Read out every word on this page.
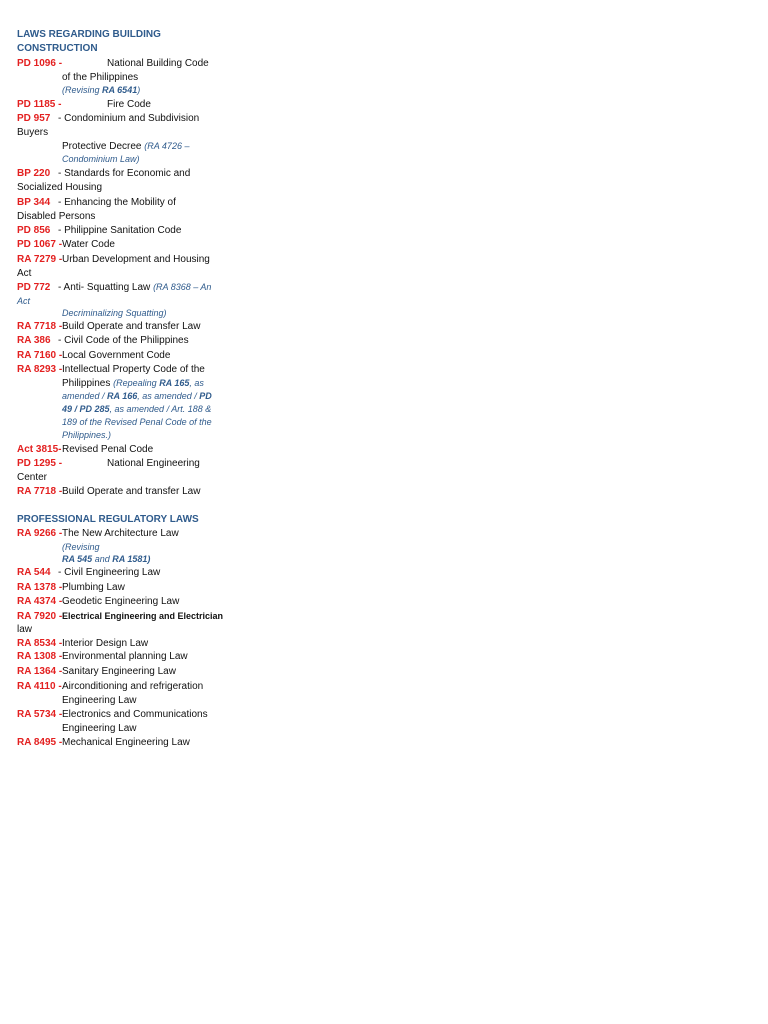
LAWS REGARDING BUILDING
CONSTRUCTION
PD 1096 -	National Building Code
of the Philippines
(Revising RA 6541)
PD 1185 -	Fire Code
PD 957 - Condominium and Subdivision
Buyers
Protective Decree (RA 4726 –
Condominium Law)
BP 220 - Standards for Economic and
Socialized Housing
BP 344 - Enhancing the Mobility of
Disabled Persons
PD 856 - Philippine Sanitation Code
PD 1067 - Water Code
RA 7279 - Urban Development and Housing
Act
PD 772 - Anti- Squatting Law (RA 8368 – An
Act
Decriminalizing Squatting)
RA 7718 - Build Operate and transfer Law
RA 386 - Civil Code of the Philippines
RA 7160 - Local Government Code
RA 8293 - Intellectual Property Code of the
Philippines (Repealing RA 165, as
amended / RA 166, as amended / PD
49 / PD 285, as amended / Art. 188 &
189 of the Revised Penal Code of the
Philippines.)
Act 3815- Revised Penal Code
PD 1295 -	National Engineering
Center
RA 7718 - Build Operate and transfer Law
PROFESSIONAL REGULATORY LAWS
RA 9266 - The New Architecture Law
(Revising
RA 545 and RA 1581)
RA 544 - Civil Engineering Law
RA 1378 - Plumbing Law
RA 4374 - Geodetic Engineering Law
RA 7920 - Electrical Engineering and Electrician
law
RA 8534 - Interior Design Law
RA 1308 - Environmental planning Law
RA 1364 - Sanitary Engineering Law
RA 4110 - Airconditioning and refrigeration
Engineering Law
RA 5734 - Electronics and Communications
Engineering Law
RA 8495 - Mechanical Engineering Law
